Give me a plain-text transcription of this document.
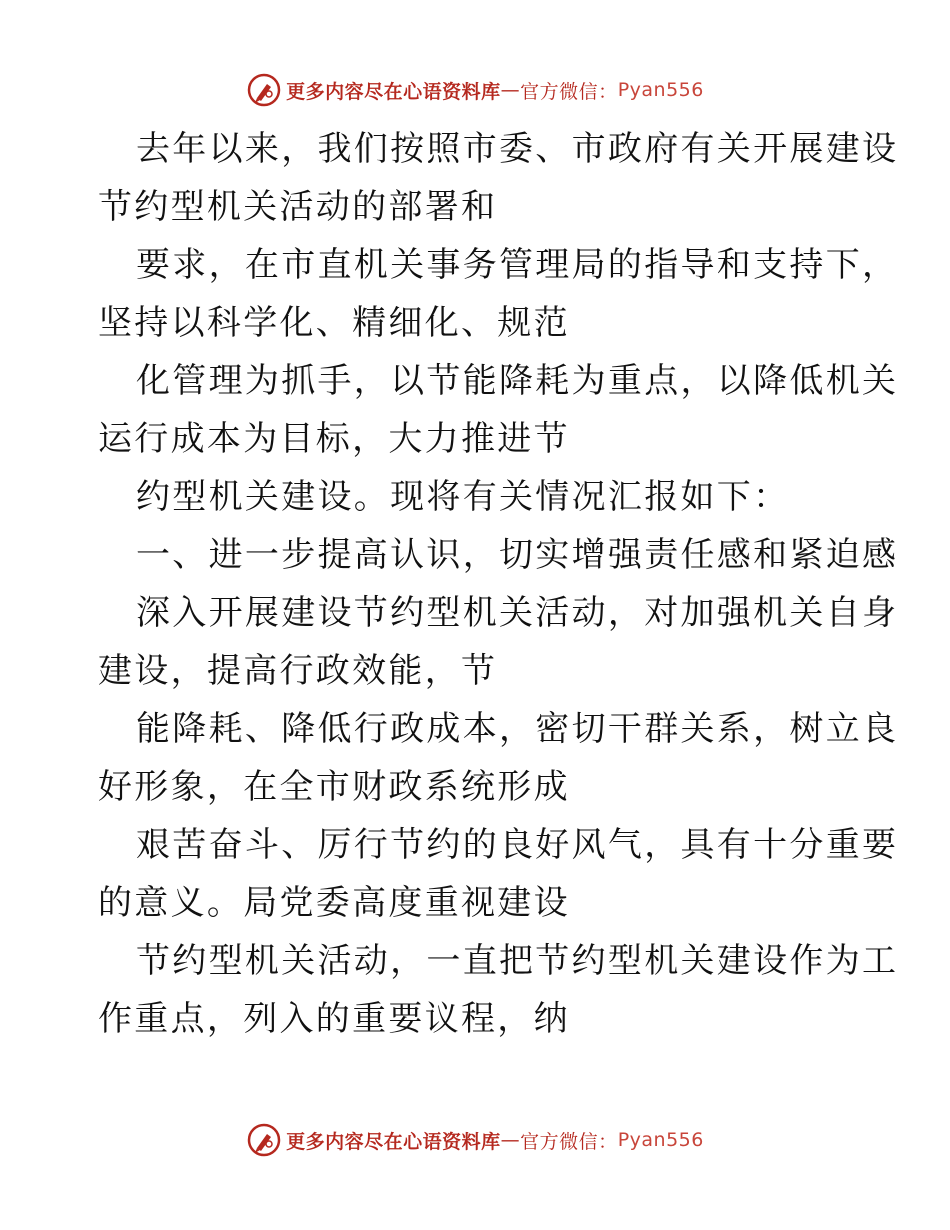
更多内容尽在心语资料库 — 官方微信： Pyan556
去年以来，我们按照市委、市政府有关开展建设
节约型机关活动的部署和
要求，在市直机关事务管理局的指导和支持下，
坚持以科学化、精细化、规范
化管理为抓手，以节能降耗为重点，以降低机关
运行成本为目标，大力推进节
约型机关建设。现将有关情况汇报如下：
一、进一步提高认识，切实增强责任感和紧迫感
深入开展建设节约型机关活动，对加强机关自身
建设，提高行政效能，节
能降耗、降低行政成本，密切干群关系，树立良
好形象，在全市财政系统形成
艰苦奋斗、厉行节约的良好风气，具有十分重要
的意义。局党委高度重视建设
节约型机关活动，一直把节约型机关建设作为工
作重点，列入的重要议程，纳
更多内容尽在心语资料库 — 官方微信： Pyan556
